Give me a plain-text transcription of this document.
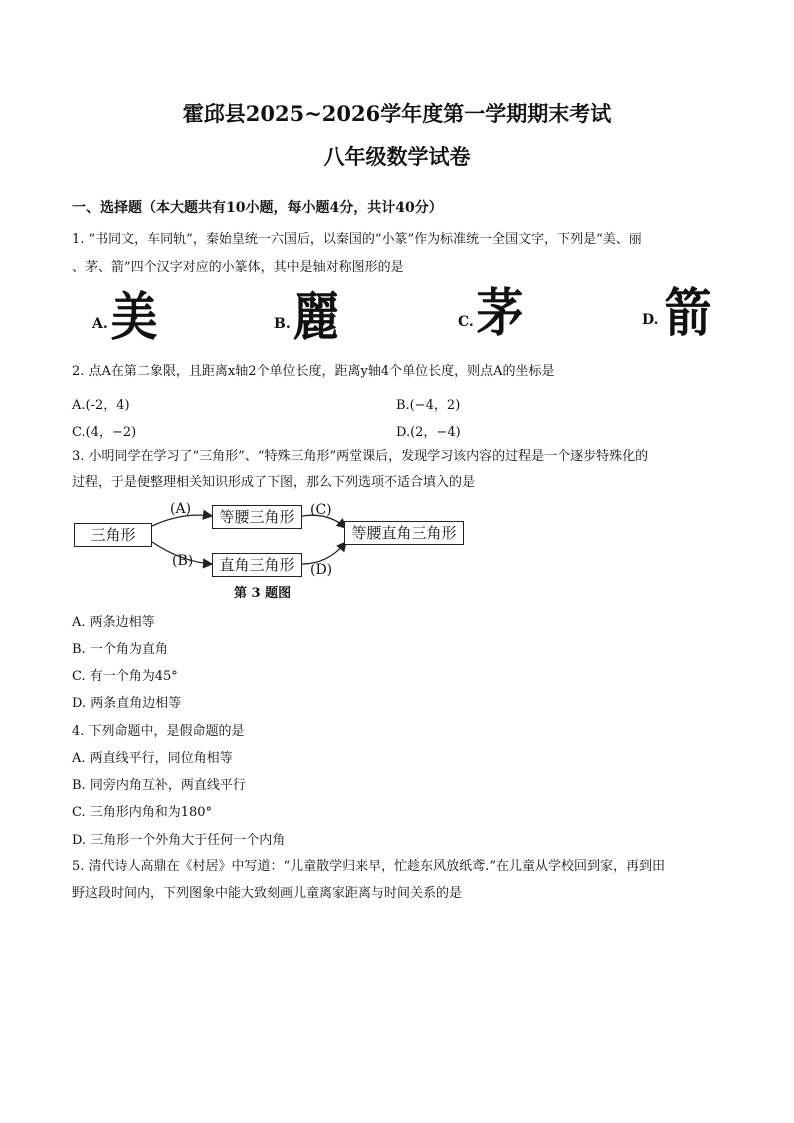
霍邱县2025~2026学年度第一学期期末考试
八年级数学试卷
一、选择题（本大题共有10小题，每小题4分，共计40分）
1. “书同文，车同轨”，秦始皇统一六国后，以秦国的“小篆”作为标准统一全国文字，下列是“美、丽
、茅、箭”四个汉字对应的小篆体，其中是轴对称图形的是
A. 美	B. 麗	C. 茅	D. 箭
2. 点A在第二象限，且距离x轴2个单位长度，距离y轴4个单位长度，则点A的坐标是
A.(-2，4)	B.(−4，2)
C.(4，−2)	D.(2，−4)
3. 小明同学在学习了“三角形”、“特殊三角形”两堂课后，发现学习该内容的过程是一个逐步特殊化的
过程，于是便整理相关知识形成了下图，那么下列选项不适合填入的是
三角形
等腰三角形
直角三角形
等腰直角三角形
(A)
(B)
(C)
(D)
第 3 题图
A. 两条边相等
B. 一个角为直角
C. 有一个角为45°
D. 两条直角边相等
4. 下列命题中，是假命题的是
A. 两直线平行，同位角相等
B. 同旁内角互补，两直线平行
C. 三角形内角和为180°
D. 三角形一个外角大于任何一个内角
5. 清代诗人高鼎在《村居》中写道：“儿童散学归来早，忙趁东风放纸鸢.”在儿童从学校回到家，再到田
野这段时间内，下列图象中能大致刻画儿童离家距离与时间关系的是
